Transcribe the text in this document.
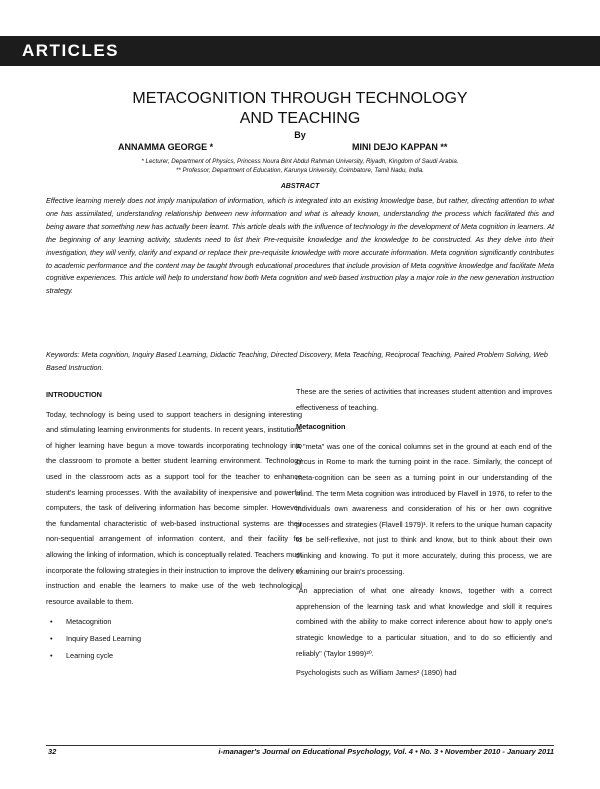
ARTICLES
METACOGNITION THROUGH TECHNOLOGY
AND TEACHING
By
ANNAMMA GEORGE *	MINI DEJO KAPPAN **
* Lecturer, Department of Physics, Princess Noura Bint Abdul Rahman University, Riyadh, Kingdom of Saudi Arabia.
** Professor, Department of Education, Karunya University, Coimbatore, Tamil Nadu, India.
ABSTRACT

Effective learning merely does not imply manipulation of information, which is integrated into an existing knowledge base, but rather, directing attention to what one has assimilated, understanding relationship between new information and what is already known, understanding the process which facilitated this and being aware that something new has actually been learnt. This article deals with the influence of technology in the development of Meta cognition in learners. At the beginning of any learning activity, students need to list their Pre-requisite knowledge and the knowledge to be constructed. As they delve into their investigation, they will verify, clarify and expand or replace their pre-requisite knowledge with more accurate information. Meta cognition significantly contributes to academic performance and the content may be taught through educational procedures that include provision of Meta cognitive knowledge and facilitate Meta cognitive experiences. This article will help to understand how both Meta cognition and web based instruction play a major role in the new generation instruction strategy.

Keywords: Meta cognition, Inquiry Based Learning, Didactic Teaching, Directed Discovery, Meta Teaching, Reciprocal Teaching, Paired Problem Solving, Web Based Instruction.

INTRODUCTION

Today, technology is being used to support teachers in designing interesting and stimulating learning environments for students. In recent years, institutions of higher learning have begun a move towards incorporating technology into the classroom to promote a better student learning environment. Technology used in the classroom acts as a support tool for the teacher to enhance student's learning processes. With the availability of inexpensive and powerful computers, the task of delivering information has become simpler. However, the fundamental characteristic of web-based instructional systems are their non-sequential arrangement of information content, and their facility for allowing the linking of information, which is conceptually related. Teachers must incorporate the following strategies in their instruction to improve the delivery of instruction and enable the learners to make use of the web technological resource available to them.

• Metacognition
• Inquiry Based Learning
• Learning cycle

These are the series of activities that increases student attention and improves effectiveness of teaching.

Metacognition

A "meta" was one of the conical columns set in the ground at each end of the circus in Rome to mark the turning point in the race. Similarly, the concept of meta-cognition can be seen as a turning point in our understanding of the mind. The term Meta cognition was introduced by Flavell in 1976, to refer to the individuals own awareness and consideration of his or her own cognitive processes and strategies (Flavell 1979)¹. It refers to the unique human capacity to be self-reflexive, not just to think and know, but to think about their own thinking and knowing. To put it more accurately, during this process, we are examining our brain's processing.

"An appreciation of what one already knows, together with a correct apprehension of the learning task and what knowledge and skill it requires combined with the ability to make correct inference about how to apply one's strategic knowledge to a particular situation, and to do so efficiently and reliably" (Taylor 1999)²⁰.

Psychologists such as William James² (1890) had

32	i-manager's Journal on Educational Psychology, Vol. 4 • No. 3 • November 2010 - January 2011
